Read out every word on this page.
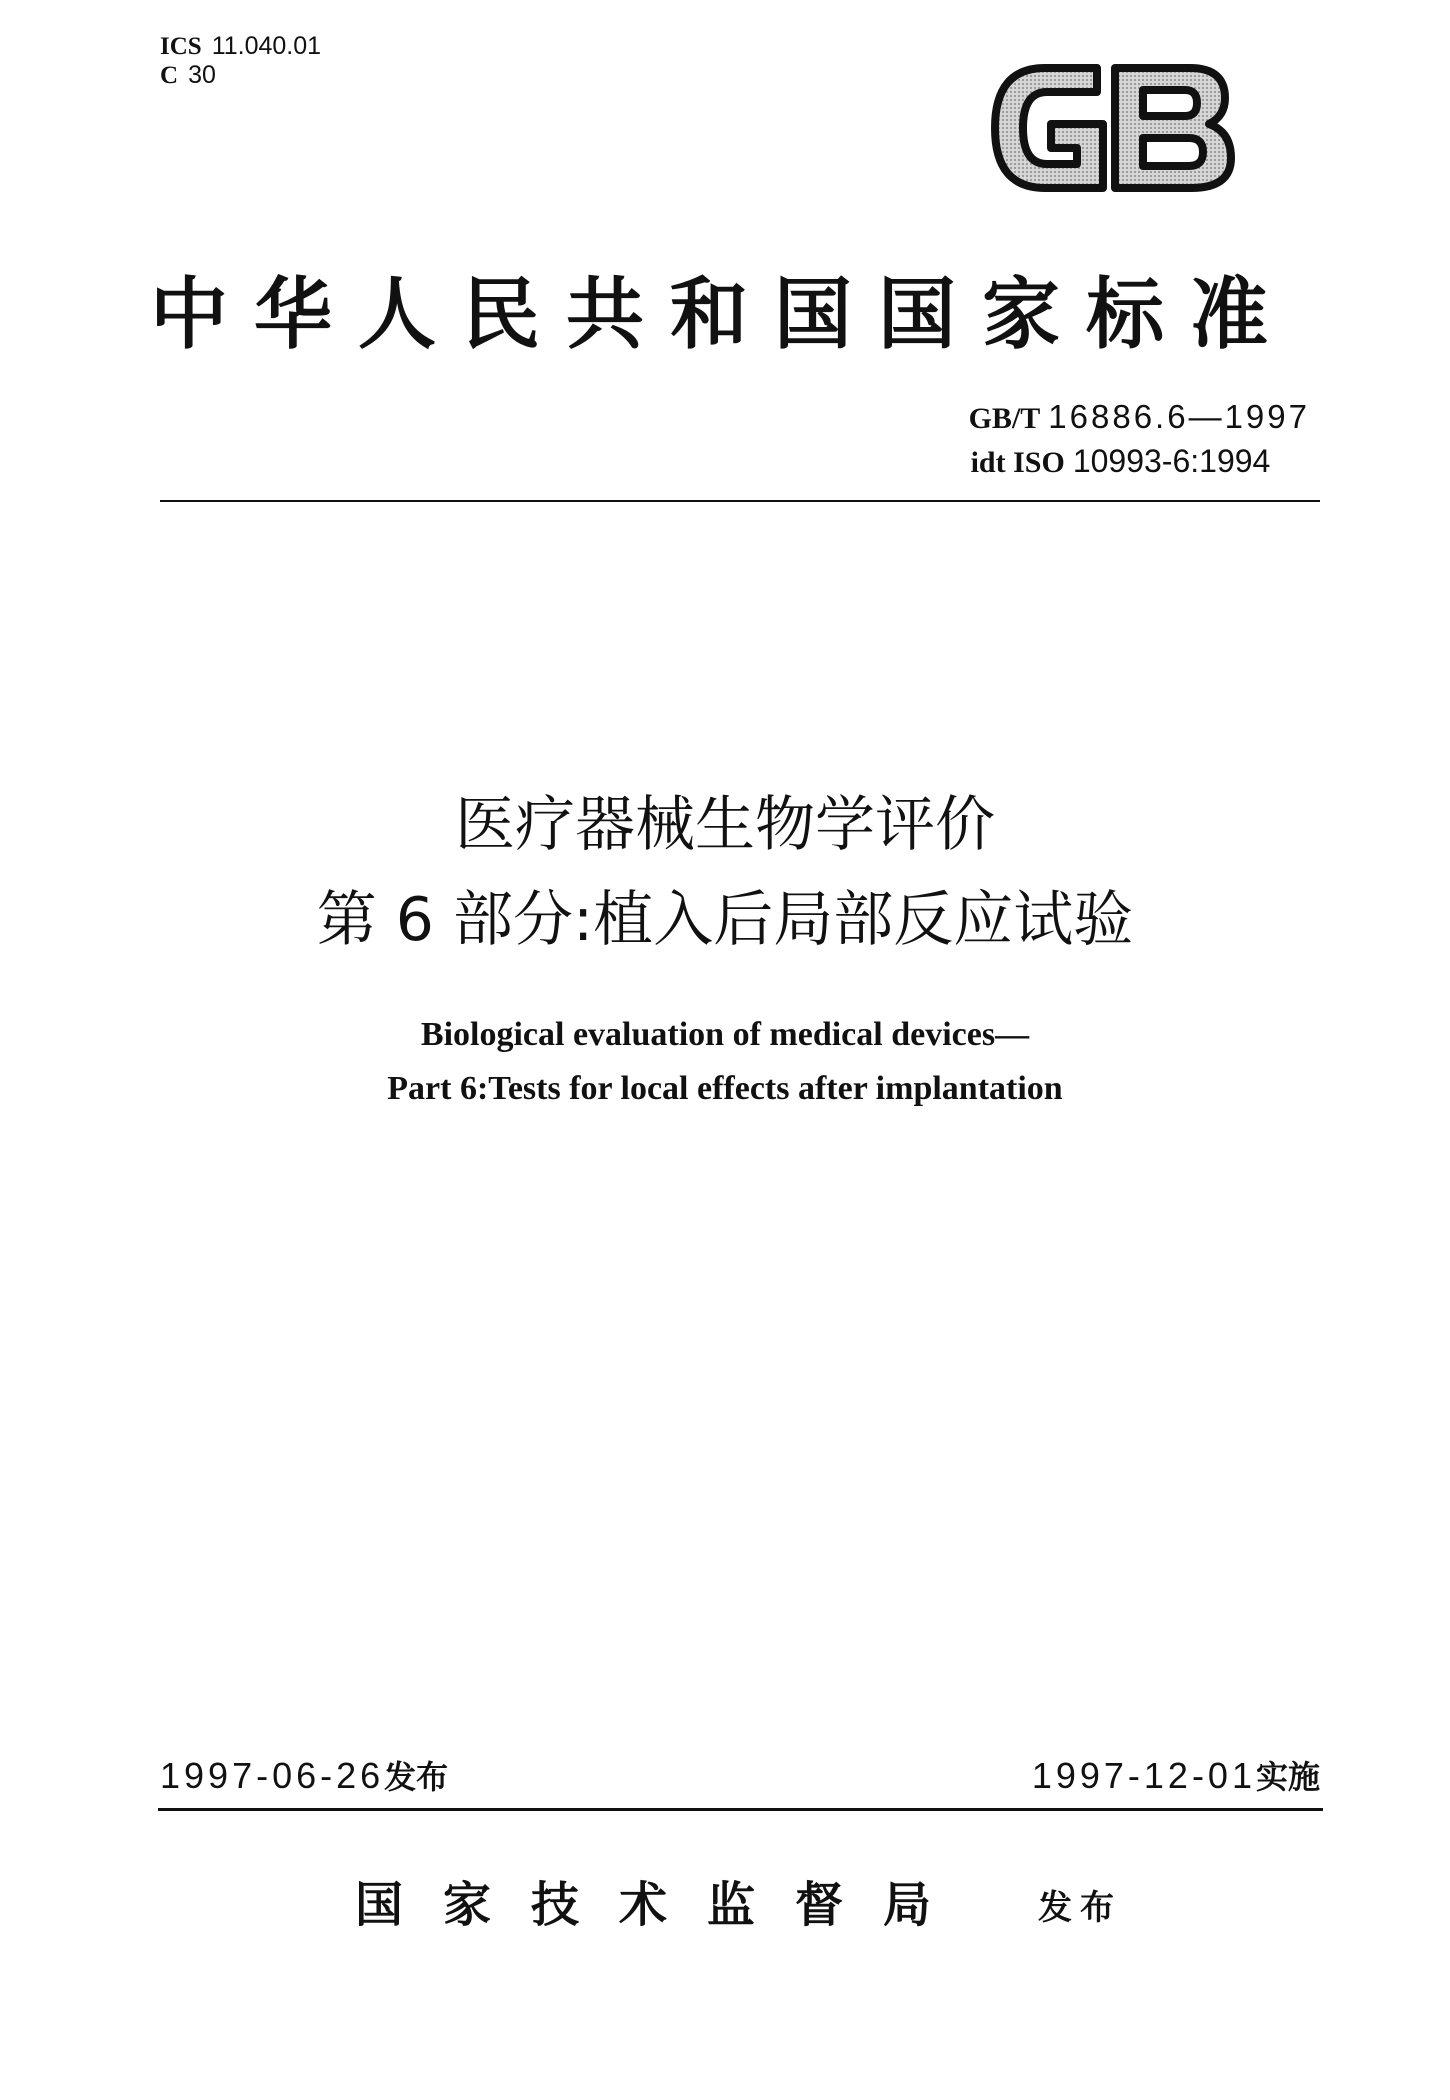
ICS 11.040.01
C 30
中华人民共和国国家标准
GB/T 16886.6—1997
idt ISO 10993-6:1994
医疗器械生物学评价
第 6 部分:植入后局部反应试验
Biological evaluation of medical devices—
Part 6:Tests for local effects after implantation
1997-06-26发布	1997-12-01实施
国家技术监督局 发布
